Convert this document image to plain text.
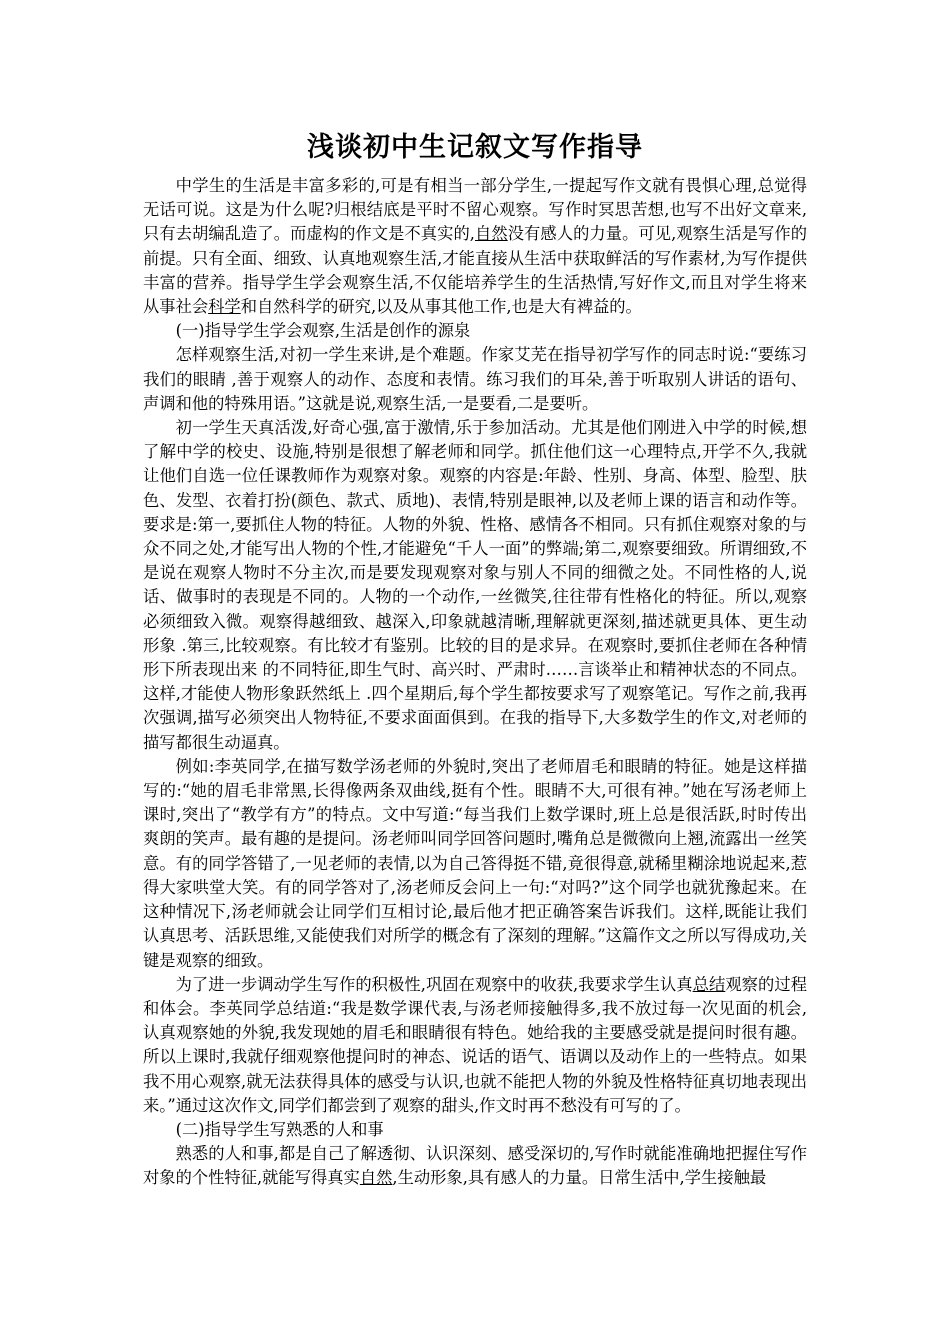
浅谈初中生记叙文写作指导

中学生的生活是丰富多彩的,可是有相当一部分学生,一提起写作文就有畏惧心理,总觉得无话可说。这是为什么呢?归根结底是平时不留心观察。写作时冥思苦想,也写不出好文章来,只有去胡编乱造了。而虚构的作文是不真实的,自然没有感人的力量。可见,观察生活是写作的前提。只有全面、细致、认真地观察生活,才能直接从生活中获取鲜活的写作素材,为写作提供丰富的营养。指导学生学会观察生活,不仅能培养学生的生活热情,写好作文,而且对学生将来从事社会科学和自然科学的研究,以及从事其他工作,也是大有裨益的。

(一)指导学生学会观察,生活是创作的源泉

怎样观察生活,对初一学生来讲,是个难题。作家艾芜在指导初学写作的同志时说:“要练习我们的眼睛 ,善于观察人的动作、态度和表情。练习我们的耳朵,善于听取别人讲话的语句、声调和他的特殊用语。”这就是说,观察生活,一是要看,二是要听。

初一学生天真活泼,好奇心强,富于激情,乐于参加活动。尤其是他们刚进入中学的时候,想了解中学的校史、设施,特别是很想了解老师和同学。抓住他们这一心理特点,开学不久,我就让他们自选一位任课教师作为观察对象。观察的内容是:年龄、性别、身高、体型、脸型、肤色、发型、衣着打扮(颜色、款式、质地)、表情,特别是眼神,以及老师上课的语言和动作等。要求是:第一,要抓住人物的特征。人物的外貌、性格、感情各不相同。只有抓住观察对象的与众不同之处,才能写出人物的个性,才能避免“千人一面”的弊端;第二,观察要细致。所谓细致,不是说在观察人物时不分主次,而是要发现观察对象与别人不同的细微之处。不同性格的人,说话、做事时的表现是不同的。人物的一个动作,一丝微笑,往往带有性格化的特征。所以,观察必须细致入微。观察得越细致、越深入,印象就越清晰,理解就更深刻,描述就更具体、更生动形象 .第三,比较观察。有比较才有鉴别。比较的目的是求异。在观察时,要抓住老师在各种情形下所表现出来 的不同特征,即生气时、高兴时、严肃时……言谈举止和精神状态的不同点。这样,才能使人物形象跃然纸上 .四个星期后,每个学生都按要求写了观察笔记。写作之前,我再次强调,描写必须突出人物特征,不要求面面俱到。在我的指导下,大多数学生的作文,对老师的描写都很生动逼真。

例如:李英同学,在描写数学汤老师的外貌时,突出了老师眉毛和眼睛的特征。她是这样描写的:“她的眉毛非常黑,长得像两条双曲线,挺有个性。眼睛不大,可很有神。”她在写汤老师上课时,突出了“教学有方”的特点。文中写道:“每当我们上数学课时,班上总是很活跃,时时传出爽朗的笑声。最有趣的是提问。汤老师叫同学回答问题时,嘴角总是微微向上翘,流露出一丝笑意。有的同学答错了,一见老师的表情,以为自己答得挺不错,竟很得意,就稀里糊涂地说起来,惹得大家哄堂大笑。有的同学答对了,汤老师反会问上一句:“对吗?”这个同学也就犹豫起来。在这种情况下,汤老师就会让同学们互相讨论,最后他才把正确答案告诉我们。这样,既能让我们认真思考、活跃思维,又能使我们对所学的概念有了深刻的理解。”这篇作文之所以写得成功,关键是观察的细致。

为了进一步调动学生写作的积极性,巩固在观察中的收获,我要求学生认真总结观察的过程和体会。李英同学总结道:“我是数学课代表,与汤老师接触得多,我不放过每一次见面的机会,认真观察她的外貌,我发现她的眉毛和眼睛很有特色。她给我的主要感受就是提问时很有趣。所以上课时,我就仔细观察他提问时的神态、说话的语气、语调以及动作上的一些特点。如果我不用心观察,就无法获得具体的感受与认识,也就不能把人物的外貌及性格特征真切地表现出来。”通过这次作文,同学们都尝到了观察的甜头,作文时再不愁没有可写的了。

(二)指导学生写熟悉的人和事

熟悉的人和事,都是自己了解透彻、认识深刻、感受深切的,写作时就能准确地把握住写作对象的个性特征,就能写得真实自然,生动形象,具有感人的力量。日常生活中,学生接触最
